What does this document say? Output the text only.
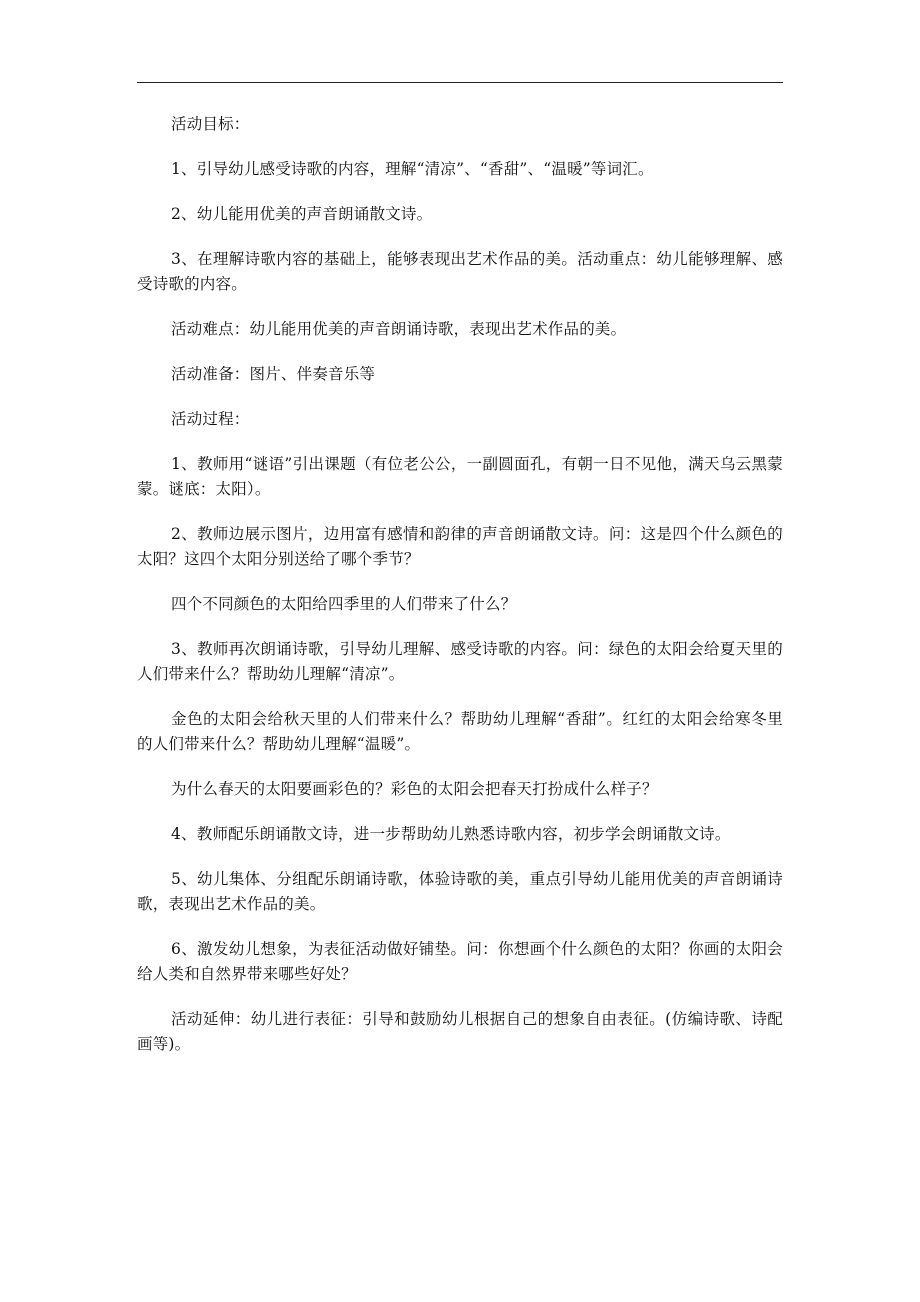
活动目标：

1、引导幼儿感受诗歌的内容，理解“清凉”、“香甜”、“温暖”等词汇。

2、幼儿能用优美的声音朗诵散文诗。

3、在理解诗歌内容的基础上，能够表现出艺术作品的美。活动重点：幼儿能够理解、感受诗歌的内容。

活动难点：幼儿能用优美的声音朗诵诗歌，表现出艺术作品的美。

活动准备：图片、伴奏音乐等

活动过程：

1、教师用“谜语”引出课题（有位老公公，一副圆面孔，有朝一日不见他，满天乌云黑蒙蒙。谜底：太阳）。

2、教师边展示图片，边用富有感情和韵律的声音朗诵散文诗。问：这是四个什么颜色的太阳？这四个太阳分别送给了哪个季节？

四个不同颜色的太阳给四季里的人们带来了什么？

3、教师再次朗诵诗歌，引导幼儿理解、感受诗歌的内容。问：绿色的太阳会给夏天里的人们带来什么？帮助幼儿理解“清凉”。

金色的太阳会给秋天里的人们带来什么？帮助幼儿理解“香甜”。红红的太阳会给寒冬里的人们带来什么？帮助幼儿理解“温暖”。

为什么春天的太阳要画彩色的？彩色的太阳会把春天打扮成什么样子？

4、教师配乐朗诵散文诗，进一步帮助幼儿熟悉诗歌内容，初步学会朗诵散文诗。

5、幼儿集体、分组配乐朗诵诗歌，体验诗歌的美，重点引导幼儿能用优美的声音朗诵诗歌，表现出艺术作品的美。

6、激发幼儿想象，为表征活动做好铺垫。问：你想画个什么颜色的太阳？你画的太阳会给人类和自然界带来哪些好处？

活动延伸：幼儿进行表征：引导和鼓励幼儿根据自己的想象自由表征。(仿编诗歌、诗配画等)。
